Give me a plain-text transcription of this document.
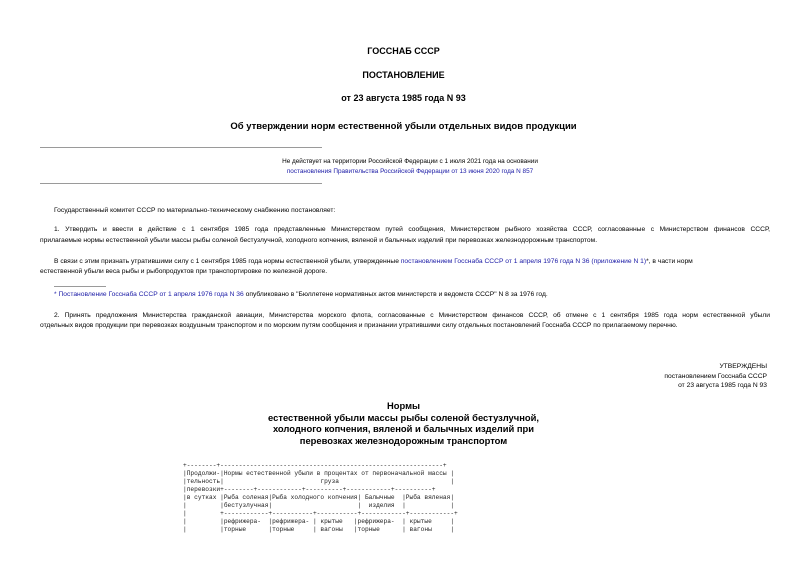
ГОССНАБ СССР
ПОСТАНОВЛЕНИЕ
от 23 августа 1985 года N 93
Об утверждении норм естественной убыли отдельных видов продукции
Не действует на территории Российской Федерации с 1 июля 2021 года на основании
постановления Правительства Российской Федерации от 13 июня 2020 года N 857
Государственный комитет СССР по материально-техническому снабжению постановляет:
1. Утвердить и ввести в действие с 1 сентября 1985 года представленные Министерством путей сообщения, Министерством рыбного хозяйства СССР, согласованные с Министерством финансов СССР,
прилагаемые нормы естественной убыли массы рыбы соленой бестузлучной, холодного копчения, вяленой и балычных изделий при перевозках железнодорожным транспортом.
В связи с этим признать утратившими силу с 1 сентября 1985 года нормы естественной убыли, утвержденные постановлением Госснаба СССР от 1 апреля 1976 года N 36 (приложение N 1)*, в части норм
естественной убыли веса рыбы и рыбопродуктов при транспортировке по железной дороге.
* Постановление Госснаба СССР от 1 апреля 1976 года N 36 опубликовано в "Бюллетене нормативных актов министерств и ведомств СССР" N 8 за 1976 год.
2. Принять предложения Министерства гражданской авиации, Министерства морского флота, согласованные с Министерством финансов СССР, об отмене с 1 сентября 1985 года норм естественной убыли
отдельных видов продукции при перевозках воздушным транспортом и по морским путям сообщения и признании утратившими силу отдельных постановлений Госснаба СССР по прилагаемому перечню.
УТВЕРЖДЕНЫ
постановлением Госснаба СССР
от 23 августа 1985 года N 93
Нормы
естественной убыли массы рыбы соленой бестузлучной,
холодного копчения, вяленой и балычных изделий при
перевозках железнодорожным транспортом
+--------+------------------------------------------------------------+
|Продолжи-|Нормы естественной убыли в процентах от первоначальной массы |
|тельность|                          груза                              |
|перевозки+--------+------------+----------+------------+----------+
|в сутках |Рыба соленая|Рыба холодного копчения| Балычные  |Рыба вяленая|
|         |бестузлучная|                       |  изделия  |            |
|         +------------+-----------+-----------+------------+------------+
|         |рефрижера-  |рефрижера- | крытые   |рефрижера-  | крытые     |
|         |торные      |торные     | вагоны   |торные      | вагоны     |
